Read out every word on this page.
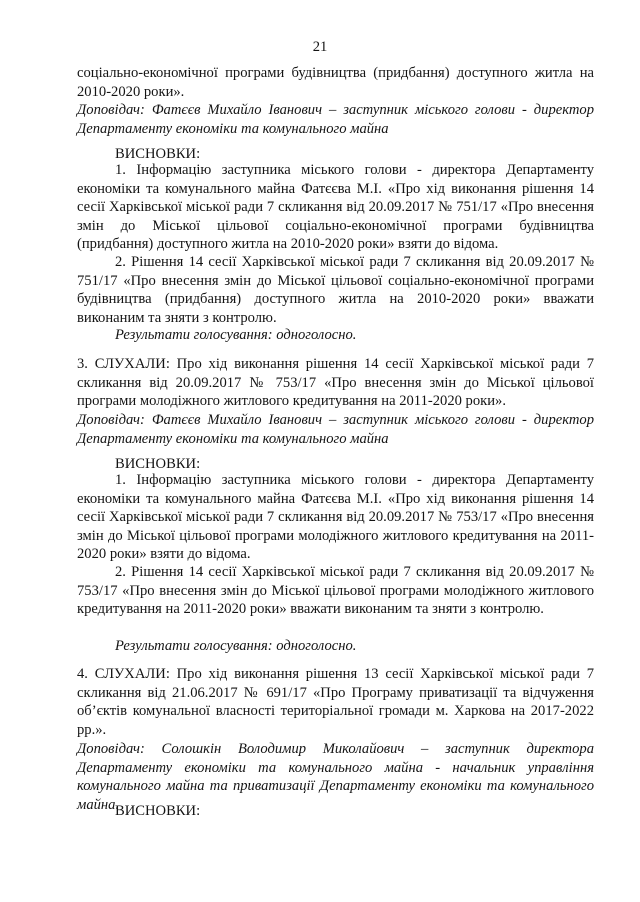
21

соціально-економічної програми будівництва (придбання) доступного житла на 2010-2020 роки».

Доповідач: Фатєєв Михайло Іванович – заступник міського голови - директор Департаменту економіки та комунального майна

ВИСНОВКИ:

1. Інформацію заступника міського голови - директора Департаменту економіки та комунального майна Фатєєва М.І. «Про хід виконання рішення 14 сесії Харківської міської ради 7 скликання від 20.09.2017 № 751/17 «Про внесення змін до Міської цільової соціально-економічної програми будівництва (придбання) доступного житла на 2010-2020 роки» взяти до відома.

2. Рішення 14 сесії Харківської міської ради 7 скликання від 20.09.2017 № 751/17 «Про внесення змін до Міської цільової соціально-економічної програми будівництва (придбання) доступного житла на 2010-2020 роки» вважати виконаним та зняти з контролю.

Результати голосування: одноголосно.

3. СЛУХАЛИ: Про хід виконання рішення 14 сесії Харківської міської ради 7 скликання від 20.09.2017 № 753/17 «Про внесення змін до Міської цільової програми молодіжного житлового кредитування на 2011-2020 роки».

Доповідач: Фатєєв Михайло Іванович – заступник міського голови - директор Департаменту економіки та комунального майна

ВИСНОВКИ:

1. Інформацію заступника міського голови - директора Департаменту економіки та комунального майна Фатєєва М.І. «Про хід виконання рішення 14 сесії Харківської міської ради 7 скликання від 20.09.2017 № 753/17 «Про внесення змін до Міської цільової програми молодіжного житлового кредитування на 2011-2020 роки» взяти до відома.

2. Рішення 14 сесії Харківської міської ради 7 скликання від 20.09.2017 № 753/17 «Про внесення змін до Міської цільової програми молодіжного житлового кредитування на 2011-2020 роки» вважати виконаним та зняти з контролю.

Результати голосування: одноголосно.

4. СЛУХАЛИ: Про хід виконання рішення 13 сесії Харківської міської ради 7 скликання від 21.06.2017 № 691/17 «Про Програму приватизації та відчуження об’єктів комунальної власності територіальної громади м. Харкова на 2017-2022 рр.».

Доповідач: Солошкін Володимир Миколайович – заступник директора Департаменту економіки та комунального майна - начальник управління комунального майна та приватизації Департаменту економіки та комунального майна.

ВИСНОВКИ:
